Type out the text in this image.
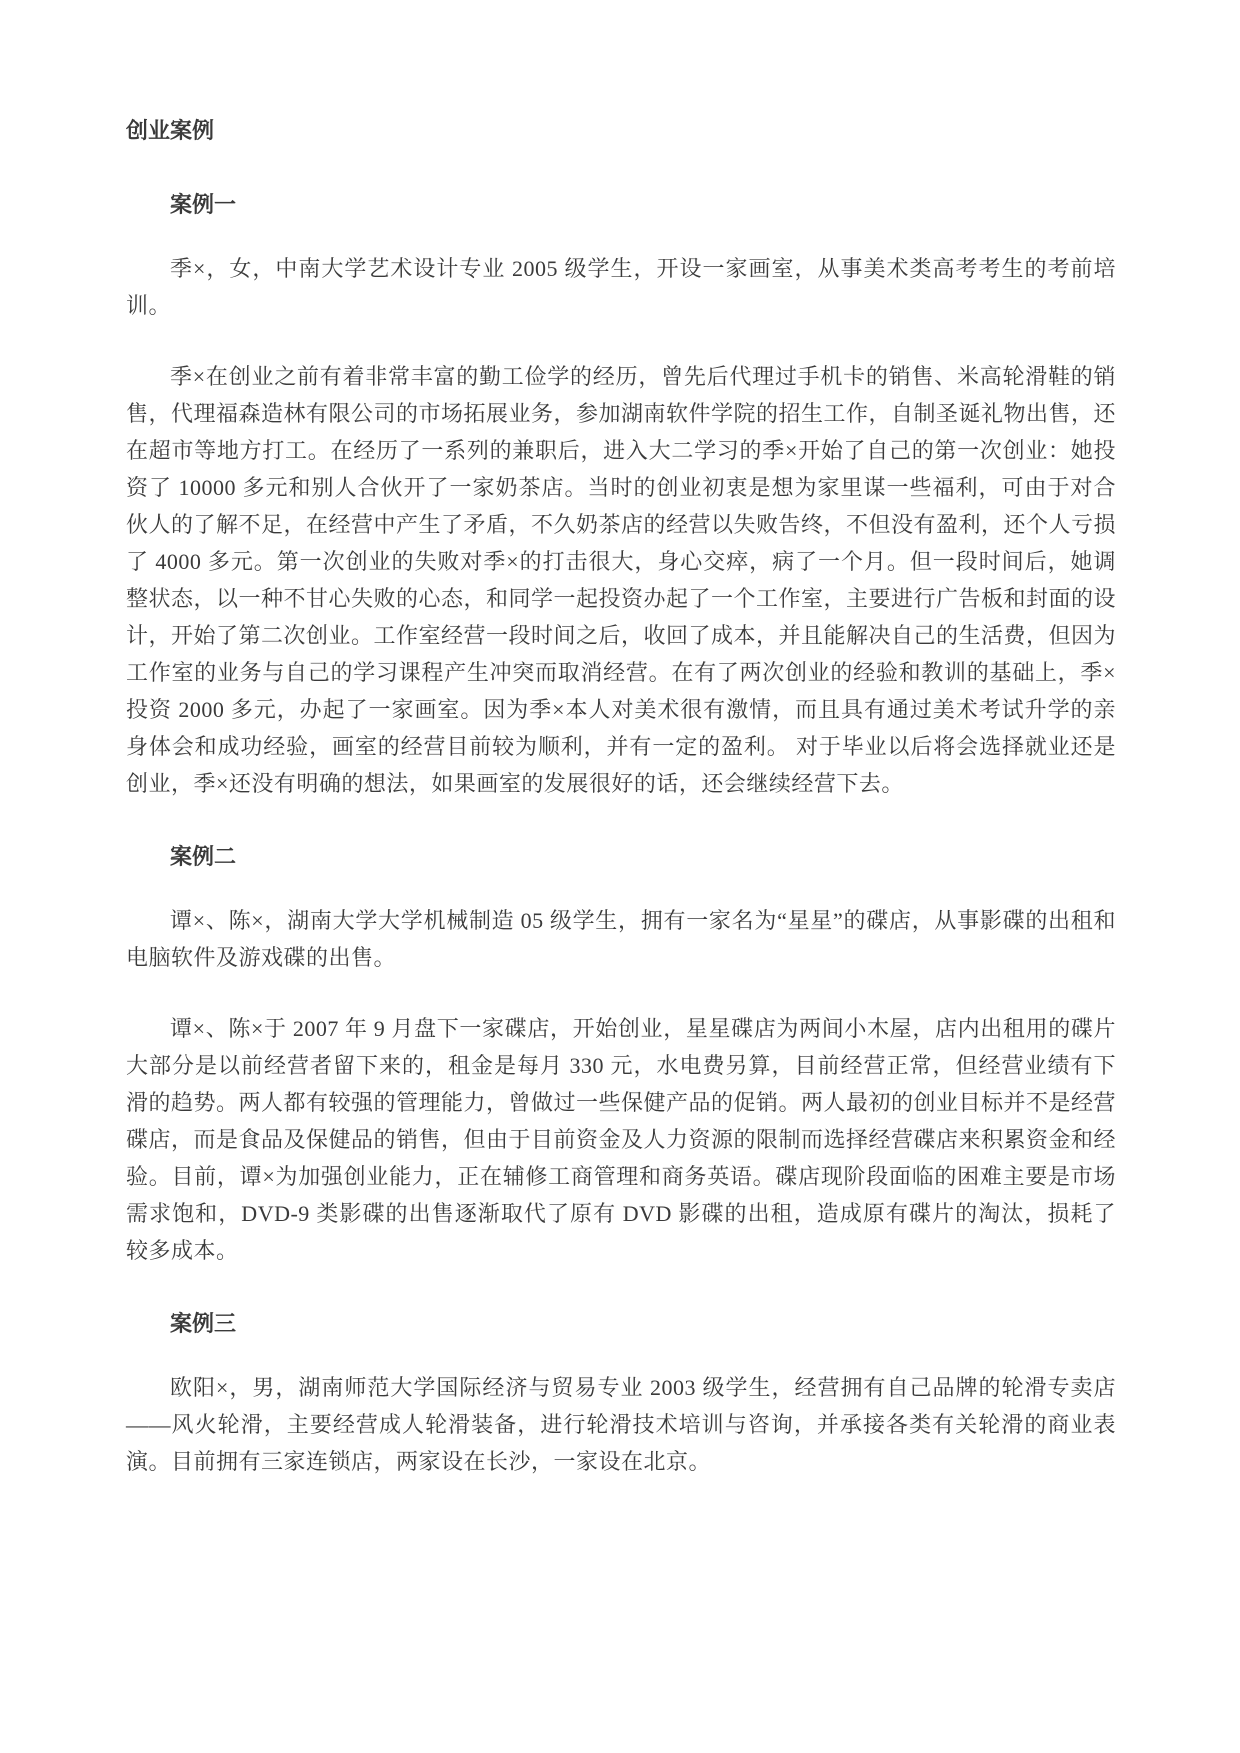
创业案例
案例一

季×，女，中南大学艺术设计专业 2005 级学生，开设一家画室，从事美术类高考考生的考前培训。

季×在创业之前有着非常丰富的勤工俭学的经历，曾先后代理过手机卡的销售、米高轮滑鞋的销售，代理福森造林有限公司的市场拓展业务，参加湖南软件学院的招生工作，自制圣诞礼物出售，还在超市等地方打工。在经历了一系列的兼职后，进入大二学习的季×开始了自己的第一次创业：她投资了 10000 多元和别人合伙开了一家奶茶店。当时的创业初衷是想为家里谋一些福利，可由于对合伙人的了解不足，在经营中产生了矛盾，不久奶茶店的经营以失败告终，不但没有盈利，还个人亏损了 4000 多元。第一次创业的失败对季×的打击很大，身心交瘁，病了一个月。但一段时间后，她调整状态，以一种不甘心失败的心态，和同学一起投资办起了一个工作室，主要进行广告板和封面的设计，开始了第二次创业。工作室经营一段时间之后，收回了成本，并且能解决自己的生活费，但因为工作室的业务与自己的学习课程产生冲突而取消经营。在有了两次创业的经验和教训的基础上，季×投资 2000 多元，办起了一家画室。因为季×本人对美术很有激情，而且具有通过美术考试升学的亲身体会和成功经验，画室的经营目前较为顺利，并有一定的盈利。 对于毕业以后将会选择就业还是创业，季×还没有明确的想法，如果画室的发展很好的话，还会继续经营下去。

案例二

谭×、陈×，湖南大学大学机械制造 05 级学生，拥有一家名为“星星”的碟店，从事影碟的出租和电脑软件及游戏碟的出售。

谭×、陈×于 2007 年 9 月盘下一家碟店，开始创业，星星碟店为两间小木屋，店内出租用的碟片大部分是以前经营者留下来的，租金是每月 330 元，水电费另算，目前经营正常，但经营业绩有下滑的趋势。两人都有较强的管理能力，曾做过一些保健产品的促销。两人最初的创业目标并不是经营碟店，而是食品及保健品的销售，但由于目前资金及人力资源的限制而选择经营碟店来积累资金和经验。目前，谭×为加强创业能力，正在辅修工商管理和商务英语。碟店现阶段面临的困难主要是市场需求饱和，DVD-9 类影碟的出售逐渐取代了原有 DVD 影碟的出租，造成原有碟片的淘汰，损耗了较多成本。

案例三

欧阳×，男，湖南师范大学国际经济与贸易专业 2003 级学生，经营拥有自己品牌的轮滑专卖店——风火轮滑，主要经营成人轮滑装备，进行轮滑技术培训与咨询，并承接各类有关轮滑的商业表演。目前拥有三家连锁店，两家设在长沙，一家设在北京。
